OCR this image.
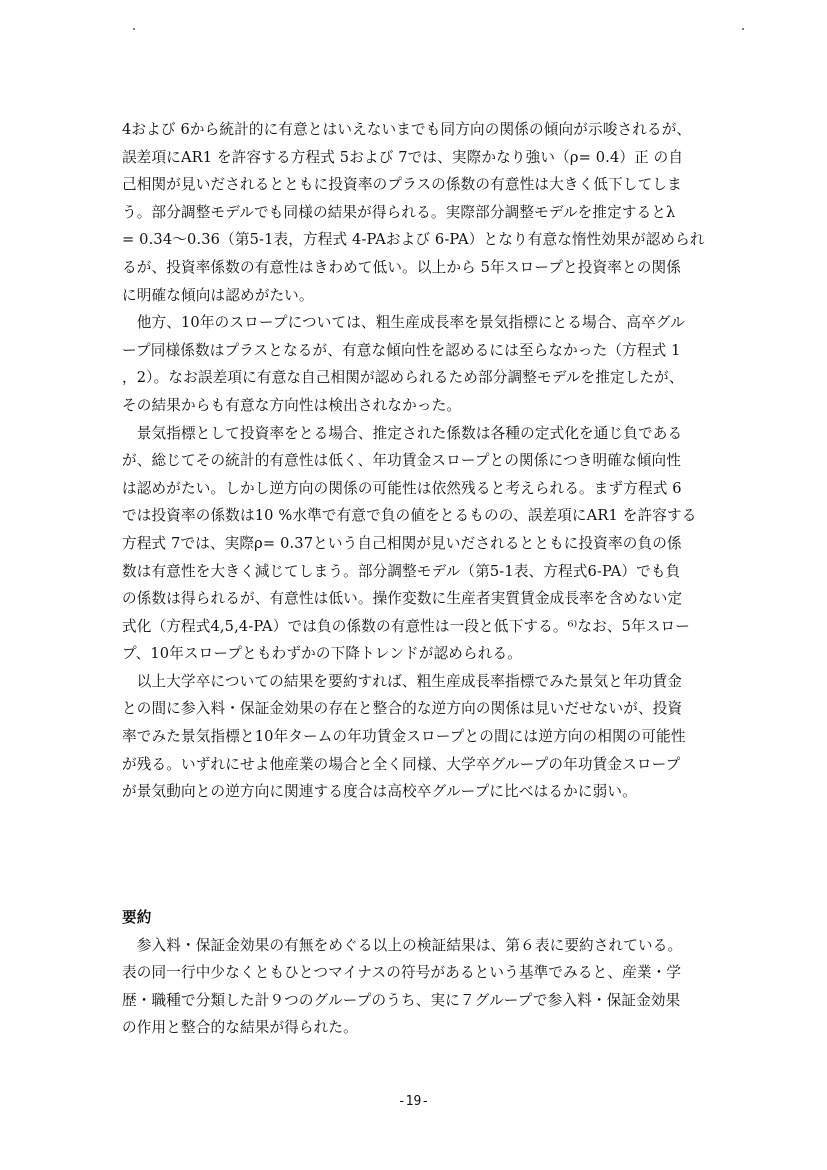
4および 6から統計的に有意とはいえないまでも同方向の関係の傾向が示唆されるが、
誤差項にAR1 を許容する方程式 5および 7では、実際かなり強い（ρ= 0.4）正 の自
己相関が見いだされるとともに投資率のプラスの係数の有意性は大きく低下してしま
う。部分調整モデルでも同様の結果が得られる。実際部分調整モデルを推定するとλ
= 0.34～0.36（第5-1表，方程式 4-PAおよび 6-PA）となり有意な惰性効果が認められ
るが、投資率係数の有意性はきわめて低い。以上から 5年スロープと投資率との関係
に明確な傾向は認めがたい。
　他方、10年のスロープについては、粗生産成長率を景気指標にとる場合、高卒グル
ープ同様係数はプラスとなるが、有意な傾向性を認めるには至らなかった（方程式 1
，2）。なお誤差項に有意な自己相関が認められるため部分調整モデルを推定したが、
その結果からも有意な方向性は検出されなかった。
　景気指標として投資率をとる場合、推定された係数は各種の定式化を通じ負である
が、総じてその統計的有意性は低く、年功賃金スロープとの関係につき明確な傾向性
は認めがたい。しかし逆方向の関係の可能性は依然残ると考えられる。まず方程式 6
では投資率の係数は10 %水準で有意で負の値をとるものの、誤差項にAR1 を許容する
方程式 7では、実際ρ= 0.37という自己相関が見いだされるとともに投資率の負の係
数は有意性を大きく減じてしまう。部分調整モデル（第5-1表、方程式6-PA）でも負
の係数は得られるが、有意性は低い。操作変数に生産者実質賃金成長率を含めない定
式化（方程式4,5,4-PA）では負の係数の有意性は一段と低下する。⁶⁾なお、5年スロー
プ、10年スロープともわずかの下降トレンドが認められる。
　以上大学卒についての結果を要約すれば、粗生産成長率指標でみた景気と年功賃金
との間に参入料・保証金効果の存在と整合的な逆方向の関係は見いだせないが、投資
率でみた景気指標と10年タームの年功賃金スロープとの間には逆方向の相関の可能性
が残る。いずれにせよ他産業の場合と全く同様、大学卒グループの年功賃金スロープ
が景気動向との逆方向に関連する度合は高校卒グループに比べはるかに弱い。
要約
　参入料・保証金効果の有無をめぐる以上の検証結果は、第６表に要約されている。
表の同一行中少なくともひとつマイナスの符号があるという基準でみると、産業・学
歴・職種で分類した計９つのグループのうち、実に７グループで参入料・保証金効果
の作用と整合的な結果が得られた。
-19-
